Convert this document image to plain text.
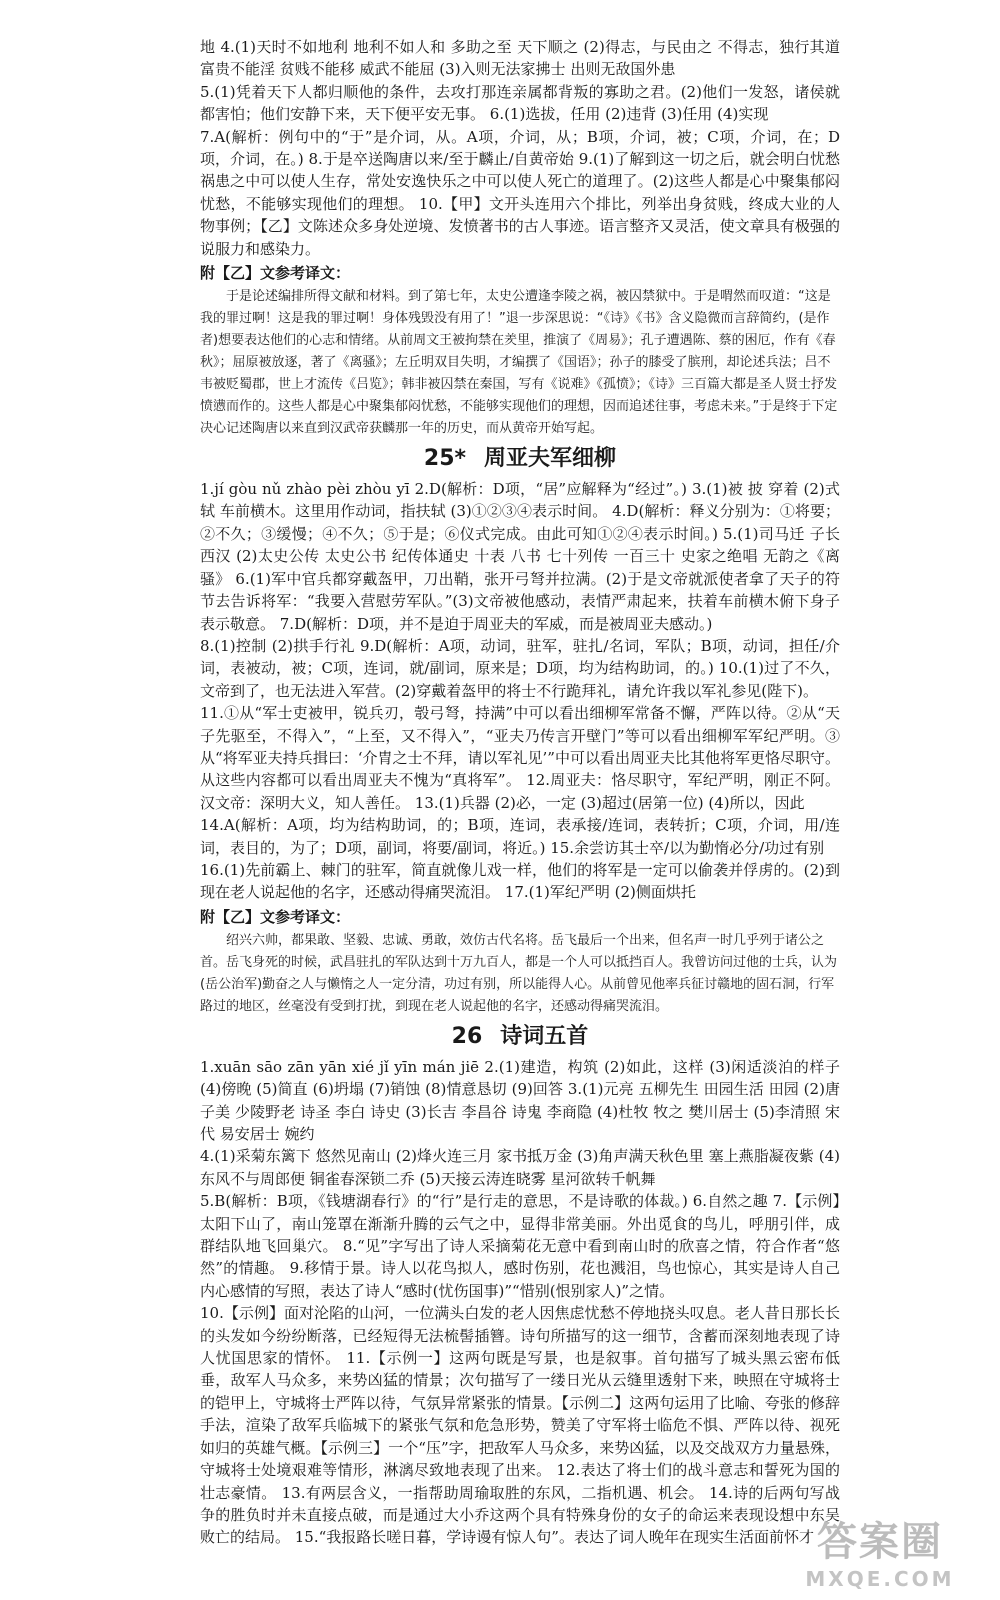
地 4.(1)天时不如地利 地利不如人和 多助之至 天下顺之 (2)得志，与民由之 不得志，独行其道 富贵不能淫 贫贱不能移 威武不能屈 (3)入则无法家拂士 出则无敌国外患

5.(1)凭着天下人都归顺他的条件，去攻打那连亲属都背叛的寡助之君。(2)他们一发怒，诸侯就都害怕；他们安静下来，天下便平安无事。 6.(1)选拔，任用 (2)违背 (3)任用 (4)实现

7.A(解析：例句中的“于”是介词，从。A项，介词，从；B项，介词，被；C项，介词，在；D项，介词，在。) 8.于是卒送陶唐以来/至于麟止/自黄帝始 9.(1)了解到这一切之后，就会明白忧愁祸患之中可以使人生存，常处安逸快乐之中可以使人死亡的道理了。(2)这些人都是心中聚集郁闷忧愁，不能够实现他们的理想。 10.【甲】文开头连用六个排比，列举出身贫贱，终成大业的人物事例；【乙】文陈述众多身处逆境、发愤著书的古人事迹。语言整齐又灵活，使文章具有极强的说服力和感染力。

附【乙】文参考译文：

于是论述编排所得文献和材料。到了第七年，太史公遭逢李陵之祸，被囚禁狱中。于是喟然而叹道：“这是我的罪过啊！这是我的罪过啊！身体残毁没有用了！”退一步深思说：“《诗》《书》含义隐微而言辞简约，(是作者)想要表达他们的心志和情绪。从前周文王被拘禁在羑里，推演了《周易》；孔子遭遇陈、蔡的困厄，作有《春秋》；屈原被放逐，著了《离骚》；左丘明双目失明，才编撰了《国语》；孙子的膝受了膑刑，却论述兵法；吕不韦被贬蜀郡，世上才流传《吕览》；韩非被囚禁在秦国，写有《说难》《孤愤》；《诗》三百篇大都是圣人贤士抒发愤懑而作的。这些人都是心中聚集郁闷忧愁，不能够实现他们的理想，因而追述往事，考虑未来。”于是终于下定决心记述陶唐以来直到汉武帝获麟那一年的历史，而从黄帝开始写起。

25* 周亚夫军细柳

1.jí gòu nǔ zhào pèi zhòu yī 2.D(解析：D项，“居”应解释为“经过”。) 3.(1)被 披 穿着 (2)式 轼 车前横木。这里用作动词，指扶轼 (3)①②③④表示时间。 4.D(解析：释义分别为：①将要；②不久；③缓慢；④不久；⑤于是；⑥仪式完成。由此可知①②④表示时间。) 5.(1)司马迁 子长 西汉 (2)太史公传 太史公书 纪传体通史 十表 八书 七十列传 一百三十 史家之绝唱 无韵之《离骚》 6.(1)军中官兵都穿戴盔甲，刀出鞘，张开弓弩并拉满。(2)于是文帝就派使者拿了天子的符节去告诉将军：“我要入营慰劳军队。”(3)文帝被他感动，表情严肃起来，扶着车前横木俯下身子表示敬意。 7.D(解析：D项，并不是迫于周亚夫的军威，而是被周亚夫感动。)

8.(1)控制 (2)拱手行礼 9.D(解析：A项，动词，驻军，驻扎/名词，军队；B项，动词，担任/介词，表被动，被；C项，连词，就/副词，原来是；D项，均为结构助词，的。) 10.(1)过了不久，文帝到了，也无法进入军营。(2)穿戴着盔甲的将士不行跪拜礼，请允许我以军礼参见(陛下)。

11.①从“军士吏被甲，锐兵刃，彀弓弩，持满”中可以看出细柳军常备不懈，严阵以待。②从“天子先驱至，不得入”，“上至，又不得入”，“亚夫乃传言开壁门”等可以看出细柳军军纪严明。③从“将军亚夫持兵揖曰：‘介胄之士不拜，请以军礼见’”中可以看出周亚夫比其他将军更恪尽职守。从这些内容都可以看出周亚夫不愧为“真将军”。 12.周亚夫：恪尽职守，军纪严明，刚正不阿。汉文帝：深明大义，知人善任。 13.(1)兵器 (2)必，一定 (3)超过(居第一位) (4)所以，因此

14.A(解析：A项，均为结构助词，的；B项，连词，表承接/连词，表转折；C项，介词，用/连词，表目的，为了；D项，副词，将要/副词，将近。) 15.余尝访其士卒/以为勤惰必分/功过有别

16.(1)先前霸上、棘门的驻军，简直就像儿戏一样，他们的将军是一定可以偷袭并俘虏的。(2)到现在老人说起他的名字，还感动得痛哭流泪。 17.(1)军纪严明 (2)侧面烘托

附【乙】文参考译文：

绍兴六帅，都果敢、坚毅、忠诚、勇敢，效仿古代名将。岳飞最后一个出来，但名声一时几乎列于诸公之首。岳飞身死的时候，武昌驻扎的军队达到十万九百人，都是一个人可以抵挡百人。我曾访问过他的士兵，认为(岳公治军)勤奋之人与懒惰之人一定分清，功过有别，所以能得人心。从前曾见他率兵征讨赣地的固石洞，行军路过的地区，丝毫没有受到打扰，到现在老人说起他的名字，还感动得痛哭流泪。

26 诗词五首

1.xuān sāo zān yān xié jǐ yīn mán jiē 2.(1)建造，构筑 (2)如此，这样 (3)闲适淡泊的样子 (4)傍晚 (5)简直 (6)坍塌 (7)销蚀 (8)情意恳切 (9)回答 3.(1)元亮 五柳先生 田园生活 田园 (2)唐 子美 少陵野老 诗圣 李白 诗史 (3)长吉 李昌谷 诗鬼 李商隐 (4)杜牧 牧之 樊川居士 (5)李清照 宋代 易安居士 婉约

4.(1)采菊东篱下 悠然见南山 (2)烽火连三月 家书抵万金 (3)角声满天秋色里 塞上燕脂凝夜紫 (4)东风不与周郎便 铜雀春深锁二乔 (5)天接云涛连晓雾 星河欲转千帆舞

5.B(解析：B项，《钱塘湖春行》的“行”是行走的意思，不是诗歌的体裁。) 6.自然之趣 7.【示例】太阳下山了，南山笼罩在渐渐升腾的云气之中，显得非常美丽。外出觅食的鸟儿，呼朋引伴，成群结队地飞回巢穴。 8.“见”字写出了诗人采摘菊花无意中看到南山时的欣喜之情，符合作者“悠然”的情趣。 9.移情于景。诗人以花鸟拟人，感时伤别，花也溅泪，鸟也惊心，其实是诗人自己内心感情的写照，表达了诗人“感时(忧伤国事)”“惜别(恨别家人)”之情。

10.【示例】面对沦陷的山河，一位满头白发的老人因焦虑忧愁不停地挠头叹息。老人昔日那长长的头发如今纷纷断落，已经短得无法梳髻插簪。诗句所描写的这一细节，含蓄而深刻地表现了诗人忧国思家的情怀。 11.【示例一】这两句既是写景，也是叙事。首句描写了城头黑云密布低垂，敌军人马众多，来势凶猛的情景；次句描写了一缕日光从云缝里透射下来，映照在守城将士的铠甲上，守城将士严阵以待，气氛异常紧张的情景。【示例二】这两句运用了比喻、夸张的修辞手法，渲染了敌军兵临城下的紧张气氛和危急形势，赞美了守军将士临危不惧、严阵以待、视死如归的英雄气概。【示例三】一个“压”字，把敌军人马众多，来势凶猛，以及交战双方力量悬殊，守城将士处境艰难等情形，淋漓尽致地表现了出来。 12.表达了将士们的战斗意志和誓死为国的壮志豪情。 13.有两层含义，一指帮助周瑜取胜的东风，二指机遇、机会。 14.诗的后两句写战争的胜负时并未直接点破，而是通过大小乔这两个具有特殊身份的女子的命运来表现设想中东吴败亡的结局。 15.“我报路长嗟日暮，学诗谩有惊人句”。表达了词人晚年在现实生活面前怀才 答案圈
MXQE.COM
